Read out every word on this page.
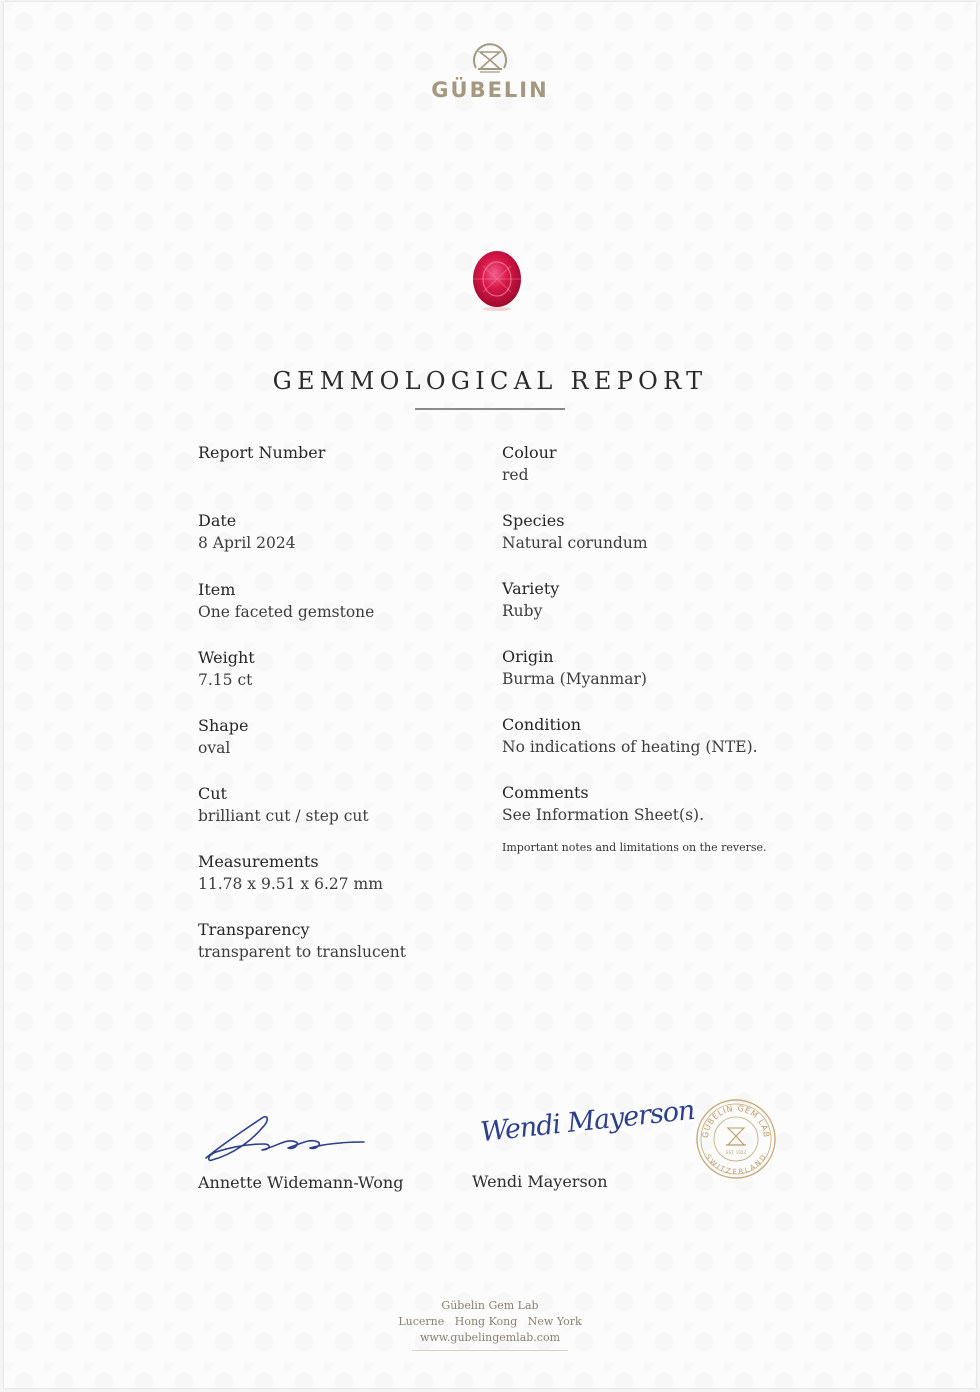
GÜBELIN
GEMMOLOGICAL REPORT
Report Number
Date
8 April 2024
Item
One faceted gemstone
Weight
7.15 ct
Shape
oval
Cut
brilliant cut / step cut
Measurements
11.78 x 9.51 x 6.27 mm
Transparency
transparent to translucent
Colour
red
Species
Natural corundum
Variety
Ruby
Origin
Burma (Myanmar)
Condition
No indications of heating (NTE).
Comments
See Information Sheet(s).
Important notes and limitations on the reverse.
Annette Widemann-Wong
Wendi Mayerson
Wendi Mayerson
GÜBELIN GEM LAB
SWITZERLAND
EST. 1923
Gübelin Gem Lab
Lucerne   Hong Kong   New York
www.gubelingemlab.com
